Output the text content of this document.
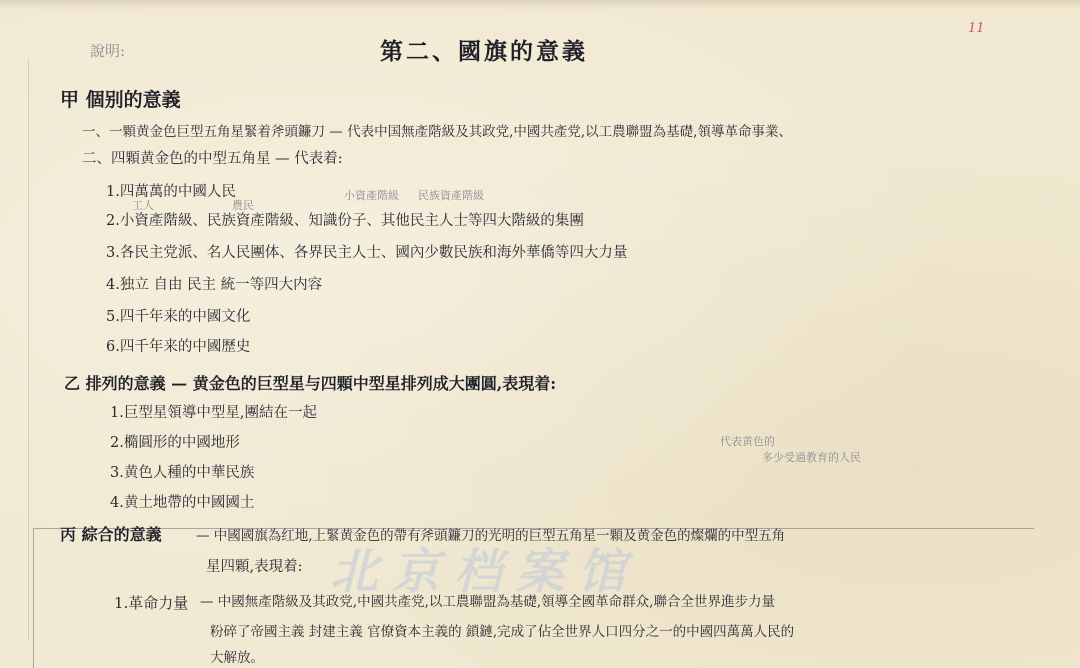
11
說明:	第二、國旗的意義
甲 個别的意義
一、一顆黄金色巨型五角星緊着斧頭鐮刀 — 代表中国無產階級及其政党,中國共產党,以工農聯盟為基礎,領導革命事業、
二、四顆黄金色的中型五角星 — 代表着:
1.四萬萬的中國人民
工人	農民
小資產階級 民族資產階級
2.小資產階級、民族資產階級、知識份子、其他民主人士等四大階級的集團
3.各民主党派、名人民團体、各界民主人士、國內少數民族和海外華僑等四大力量
4.独立 自由 民主 統一等四大内容
5.四千年来的中國文化
6.四千年来的中國歷史
乙 排列的意義 — 黄金色的巨型星与四顆中型星排列成大團圓,表現着:
1.巨型星領導中型星,團結在一起
2.橢圓形的中國地形
3.黄色人種的中華民族
4.黄土地帶的中國國土
代表黄色的
多少受過教育的人民
丙 綜合的意義	— 中國國旗為红地,上緊黄金色的帶有斧頭鐮刀的光明的巨型五角星一顆及黄金色的燦爛的中型五角
星四顆,表現着: 北京档案馆
1.革命力量 — 中國無產階級及其政党,中國共產党,以工農聯盟為基礎,領導全國革命群众,聯合全世界進步力量
粉碎了帝國主義 封建主義 官僚資本主義的 鎖鏈,完成了佔全世界人口四分之一的中國四萬萬人民的
大解放。
